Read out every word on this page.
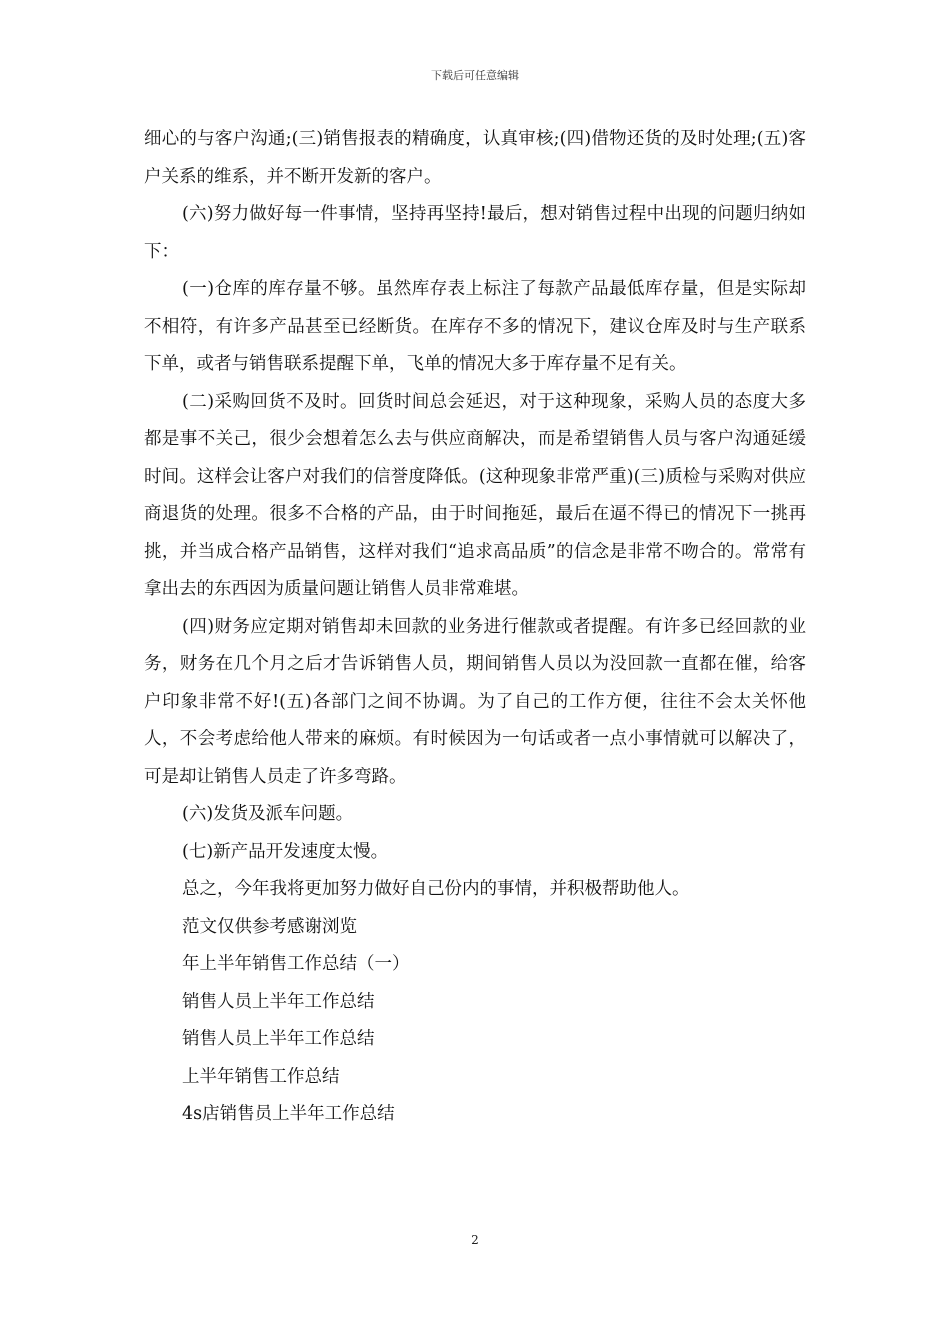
下载后可任意编辑

细心的与客户沟通;(三)销售报表的精确度，认真审核;(四)借物还货的及时处理;(五)客户关系的维系，并不断开发新的客户。

(六)努力做好每一件事情，坚持再坚持!最后，想对销售过程中出现的问题归纳如下：

(一)仓库的库存量不够。虽然库存表上标注了每款产品最低库存量，但是实际却不相符，有许多产品甚至已经断货。在库存不多的情况下，建议仓库及时与生产联系下单，或者与销售联系提醒下单，飞单的情况大多于库存量不足有关。

(二)采购回货不及时。回货时间总会延迟，对于这种现象，采购人员的态度大多都是事不关己，很少会想着怎么去与供应商解决，而是希望销售人员与客户沟通延缓时间。这样会让客户对我们的信誉度降低。(这种现象非常严重)(三)质检与采购对供应商退货的处理。很多不合格的产品，由于时间拖延，最后在逼不得已的情况下一挑再挑，并当成合格产品销售，这样对我们“追求高品质”的信念是非常不吻合的。常常有拿出去的东西因为质量问题让销售人员非常难堪。

(四)财务应定期对销售却未回款的业务进行催款或者提醒。有许多已经回款的业务，财务在几个月之后才告诉销售人员，期间销售人员以为没回款一直都在催，给客户印象非常不好!(五)各部门之间不协调。为了自己的工作方便，往往不会太关怀他人，不会考虑给他人带来的麻烦。有时候因为一句话或者一点小事情就可以解决了，可是却让销售人员走了许多弯路。

(六)发货及派车问题。

(七)新产品开发速度太慢。

总之，今年我将更加努力做好自己份内的事情，并积极帮助他人。

范文仅供参考感谢浏览

年上半年销售工作总结（一）

销售人员上半年工作总结

销售人员上半年工作总结

上半年销售工作总结

4s店销售员上半年工作总结

2
